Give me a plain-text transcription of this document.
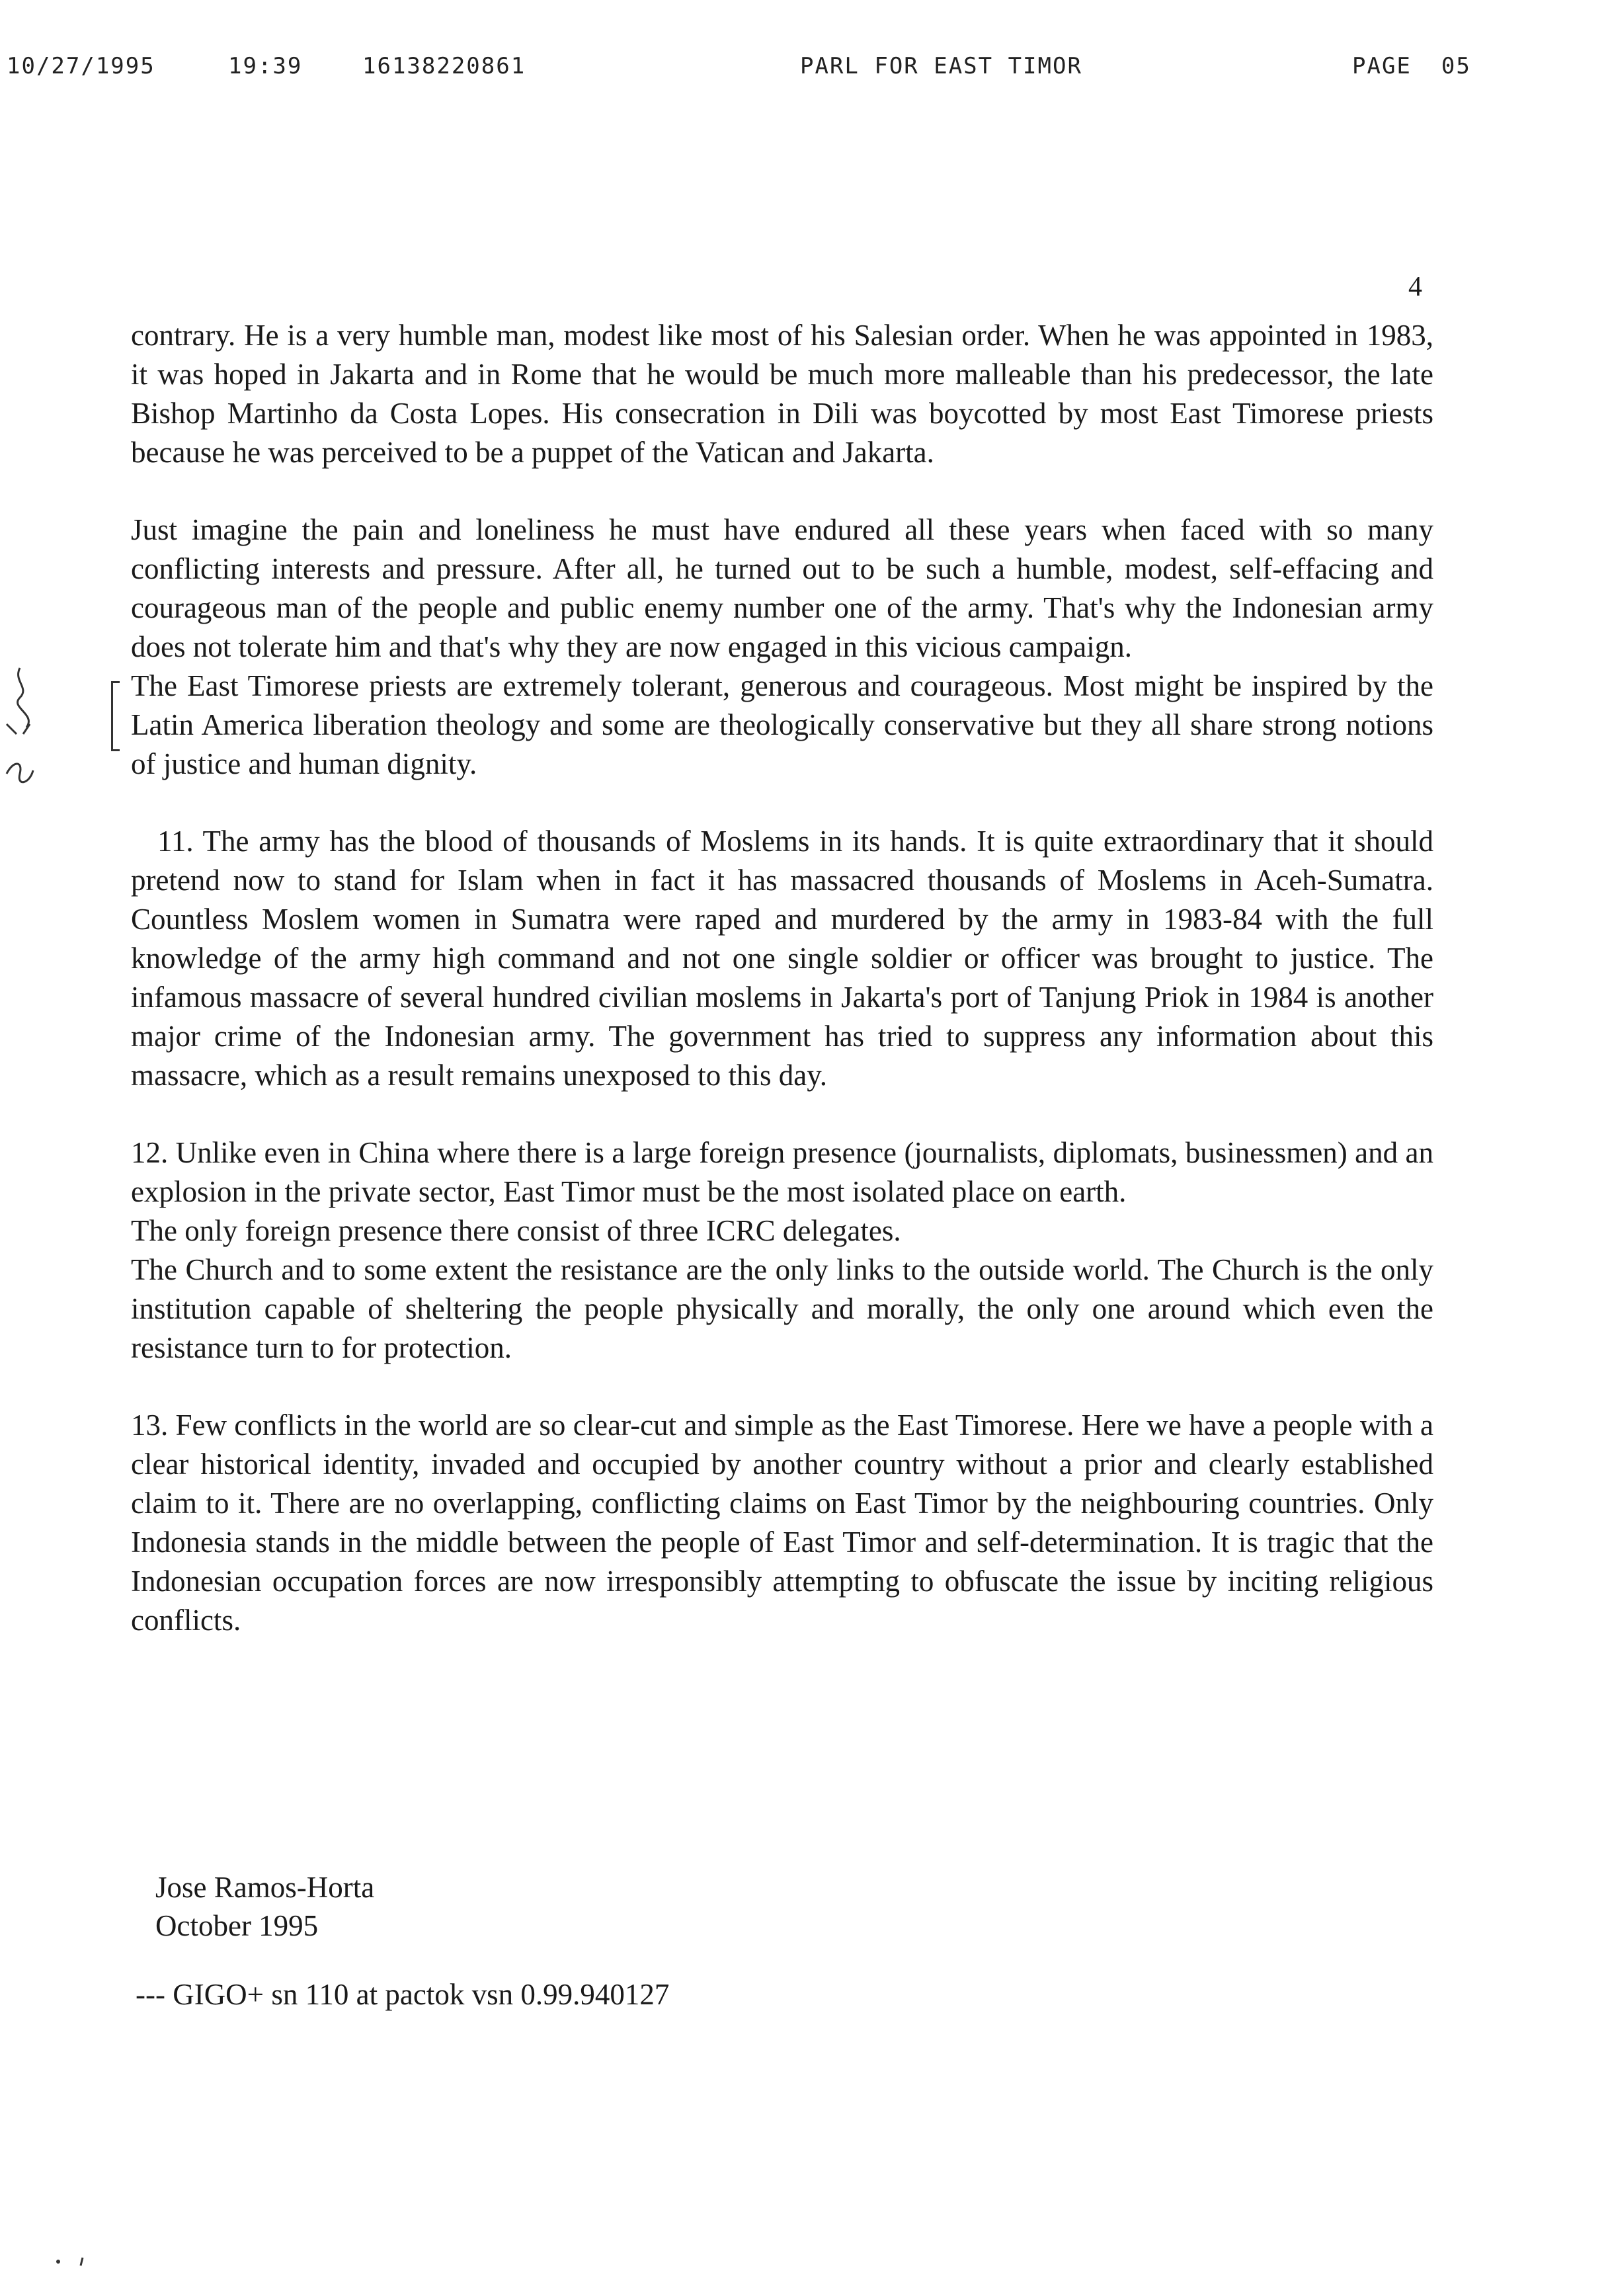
10/27/1995	19:39	16138220861	PARL FOR EAST TIMOR	PAGE 05
4

contrary. He is a very humble man, modest like most of his Salesian order. When he was appointed in 1983, it was hoped in Jakarta and in Rome that he would be much more malleable than his predecessor, the late Bishop Martinho da Costa Lopes. His consecration in Dili was boycotted by most East Timorese priests because he was perceived to be a puppet of the Vatican and Jakarta.

Just imagine the pain and loneliness he must have endured all these years when faced with so many conflicting interests and pressure. After all, he turned out to be such a humble, modest, self-effacing and courageous man of the people and public enemy number one of the army. That's why the Indonesian army does not tolerate him and that's why they are now engaged in this vicious campaign.

The East Timorese priests are extremely tolerant, generous and courageous. Most might be inspired by the Latin America liberation theology and some are theologically conservative but they all share strong notions of justice and human dignity.

11. The army has the blood of thousands of Moslems in its hands. It is quite extraordinary that it should pretend now to stand for Islam when in fact it has massacred thousands of Moslems in Aceh-Sumatra. Countless Moslem women in Sumatra were raped and murdered by the army in 1983-84 with the full knowledge of the army high command and not one single soldier or officer was brought to justice. The infamous massacre of several hundred civilian moslems in Jakarta's port of Tanjung Priok in 1984 is another major crime of the Indonesian army. The government has tried to suppress any information about this massacre, which as a result remains unexposed to this day.

12. Unlike even in China where there is a large foreign presence (journalists, diplomats, businessmen) and an explosion in the private sector, East Timor must be the most isolated place on earth.

The only foreign presence there consist of three ICRC delegates.

The Church and to some extent the resistance are the only links to the outside world. The Church is the only institution capable of sheltering the people physically and morally, the only one around which even the resistance turn to for protection.

13. Few conflicts in the world are so clear-cut and simple as the East Timorese. Here we have a people with a clear historical identity, invaded and occupied by another country without a prior and clearly established claim to it. There are no overlapping, conflicting claims on East Timor by the neighbouring countries. Only Indonesia stands in the middle between the people of East Timor and self-determination. It is tragic that the Indonesian occupation forces are now irresponsibly attempting to obfuscate the issue by inciting religious conflicts.

Jose Ramos-Horta
October 1995
--- GIGO+ sn 110 at pactok vsn 0.99.940127
